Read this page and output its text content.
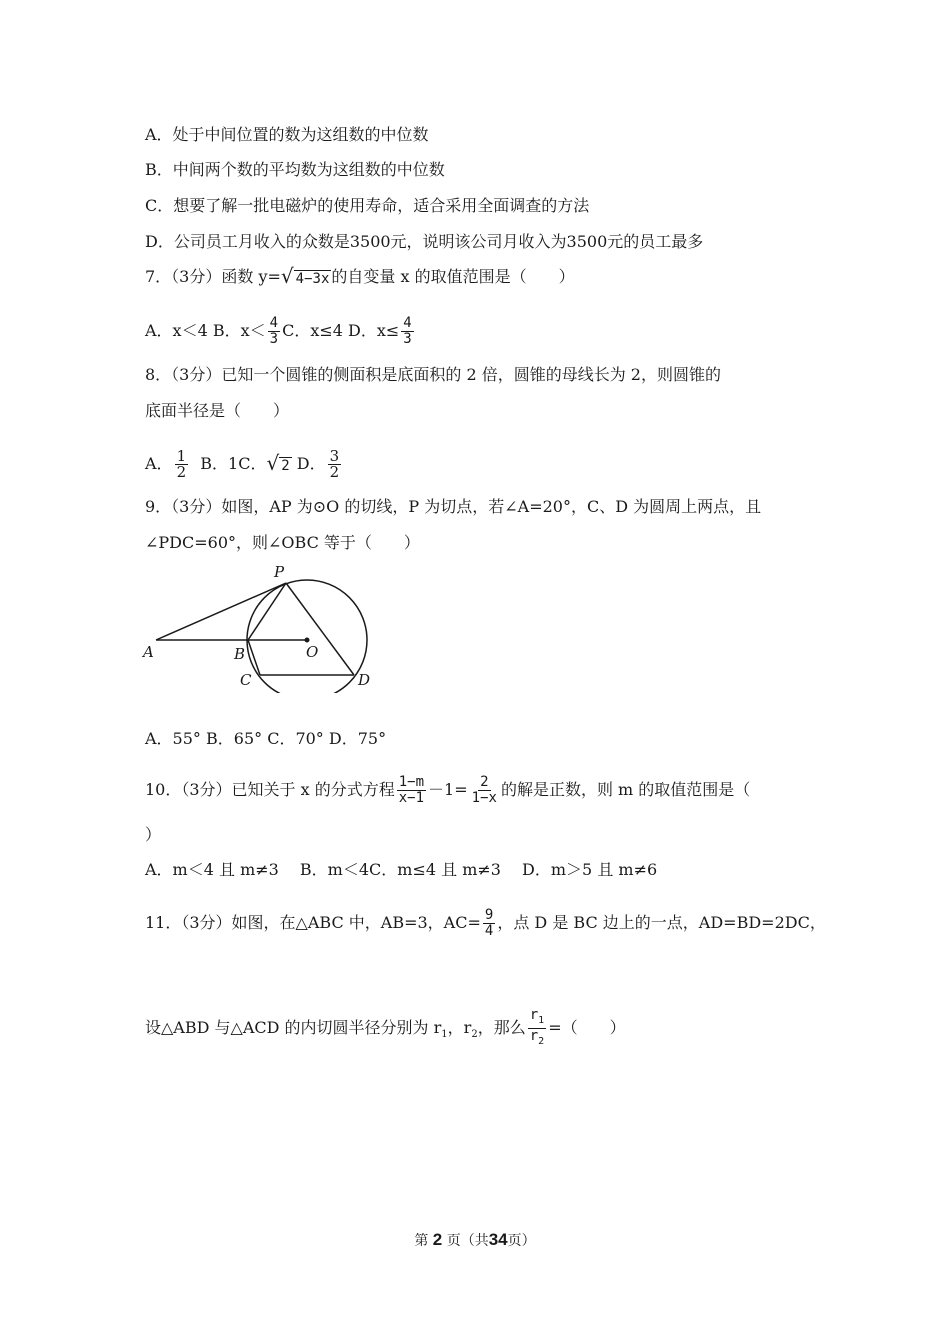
A．处于中间位置的数为这组数的中位数
B．中间两个数的平均数为这组数的中位数
C．想要了解一批电磁炉的使用寿命，适合采用全面调查的方法
D．公司员工月收入的众数是3500元，说明该公司月收入为3500元的员工最多
7．（3分）函数 y=√ 4−3x 的自变量 x 的取值范围是（　　）
A．x＜4 B．$x< \frac{4}{3}$ C．x≤4 D．$x\le \frac{4}{3}$
8．（3分）已知一个圆锥的侧面积是底面积的 2 倍，圆锥的母线长为 2，则圆锥的
底面半径是（　　）
A． $\frac{1}{2}$ B．1C．√ 2 D． $\frac{3}{2}$
9．（3分）如图，AP 为⊙O 的切线，P 为切点，若∠A=20°，C、D 为圆周上两点，且
∠PDC=60°，则∠OBC 等于（　　）
P
A	B	O
C	D
A．55° B．65° C．70° D．75°
10．（3分）已知关于 x 的分式方程 $\frac{1-m}{x-1} -1= \frac{2}{1-x}$ 的解是正数，则 m 的取值范围是（
）
A．m＜4 且 m≠3　 B．m＜4C．m≤4 且 m≠3　 D．m＞5 且 m≠6
11．（3分）如图，在△ABC 中，AB=3，$AC= \frac{9}{4}$ ，点 D 是 BC 边上的一点，AD=BD=2DC，
设△ABD 与△ACD 的内切圆半径分别为 $r_1$，$r_2$，那么 $\frac{r_1}{r_2}$ =（　　）
第 2 页（共34页）
